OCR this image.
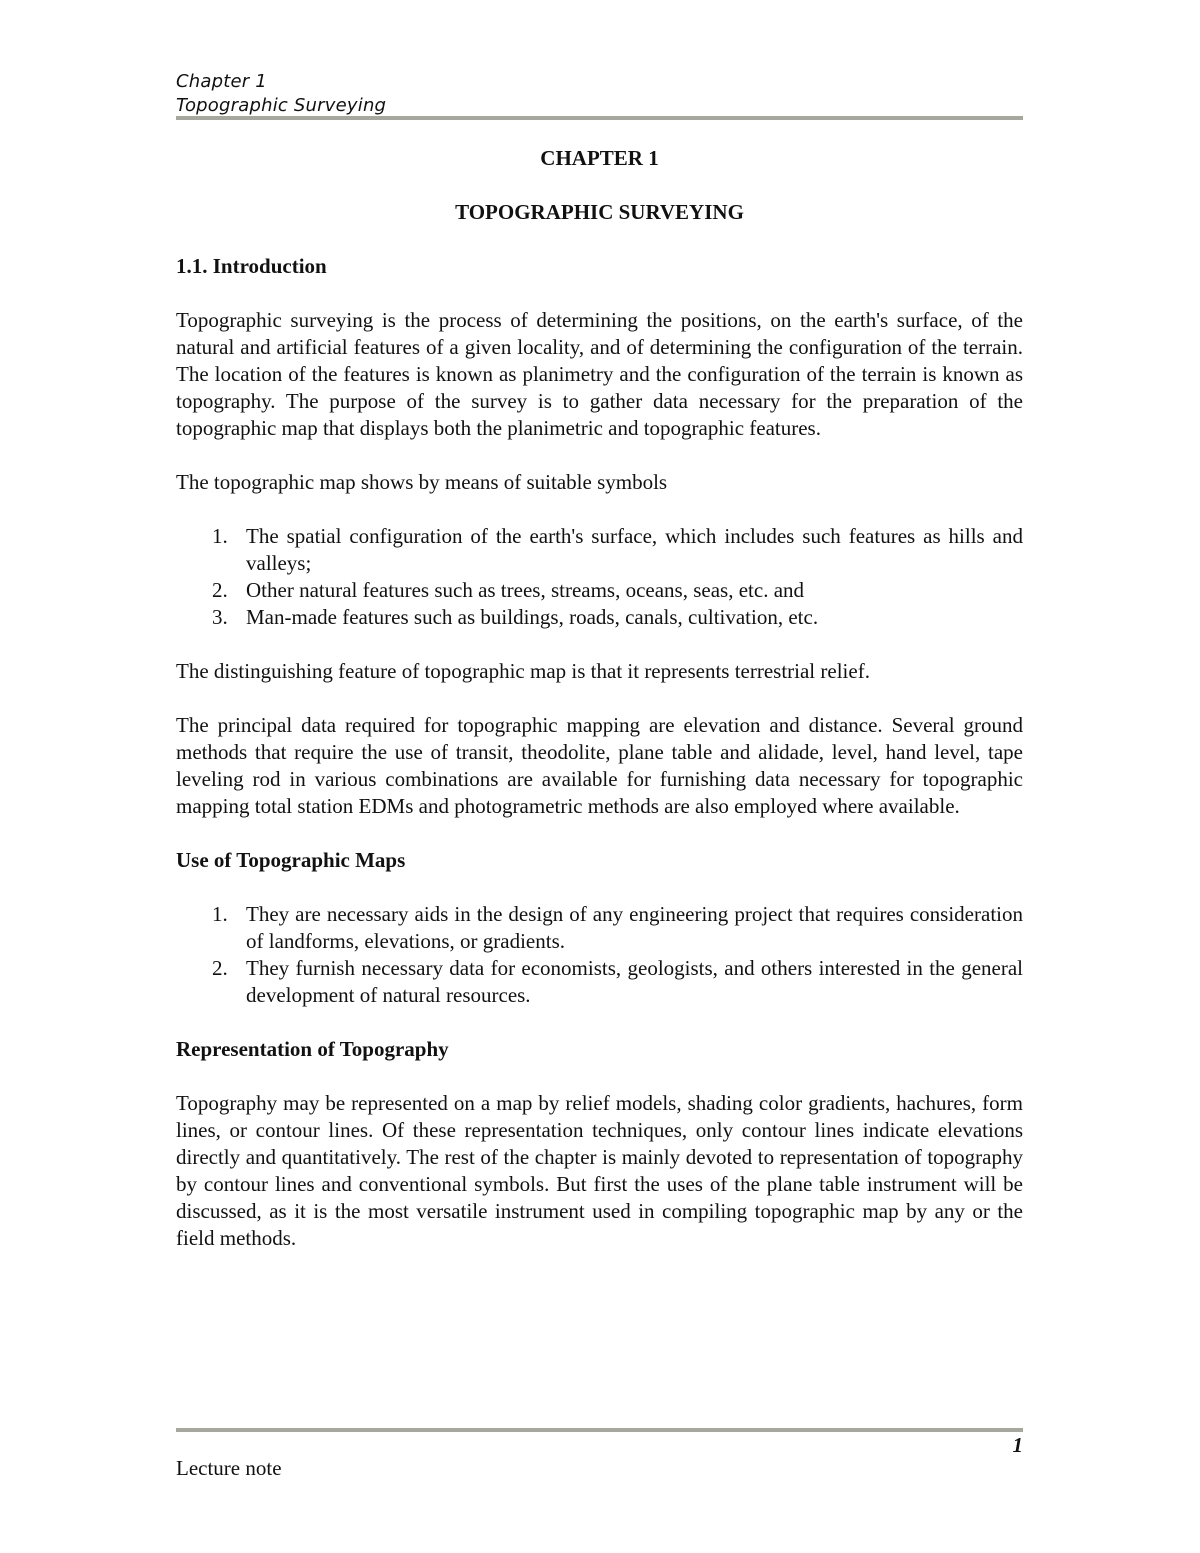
Chapter 1
Topographic Surveying

CHAPTER 1

TOPOGRAPHIC SURVEYING

1.1. Introduction

Topographic surveying is the process of determining the positions, on the earth's surface, of the natural and artificial features of a given locality, and of determining the configuration of the terrain. The location of the features is known as planimetry and the configuration of the terrain is known as topography. The purpose of the survey is to gather data necessary for the preparation of the topographic map that displays both the planimetric and topographic features.

The topographic map shows by means of suitable symbols

1. The spatial configuration of the earth's surface, which includes such features as hills and valleys;
2. Other natural features such as trees, streams, oceans, seas, etc. and
3. Man-made features such as buildings, roads, canals, cultivation, etc.

The distinguishing feature of topographic map is that it represents terrestrial relief.

The principal data required for topographic mapping are elevation and distance. Several ground methods that require the use of transit, theodolite, plane table and alidade, level, hand level, tape leveling rod in various combinations are available for furnishing data necessary for topographic mapping total station EDMs and photogrametric methods are also employed where available.

Use of Topographic Maps

1. They are necessary aids in the design of any engineering project that requires consideration of landforms, elevations, or gradients.
2. They furnish necessary data for economists, geologists, and others interested in the general development of natural resources.

Representation of Topography

Topography may be represented on a map by relief models, shading color gradients, hachures, form lines, or contour lines. Of these representation techniques, only contour lines indicate elevations directly and quantitatively. The rest of the chapter is mainly devoted to representation of topography by contour lines and conventional symbols. But first the uses of the plane table instrument will be discussed, as it is the most versatile instrument used in compiling topographic map by any or the field methods.

1
Lecture note
